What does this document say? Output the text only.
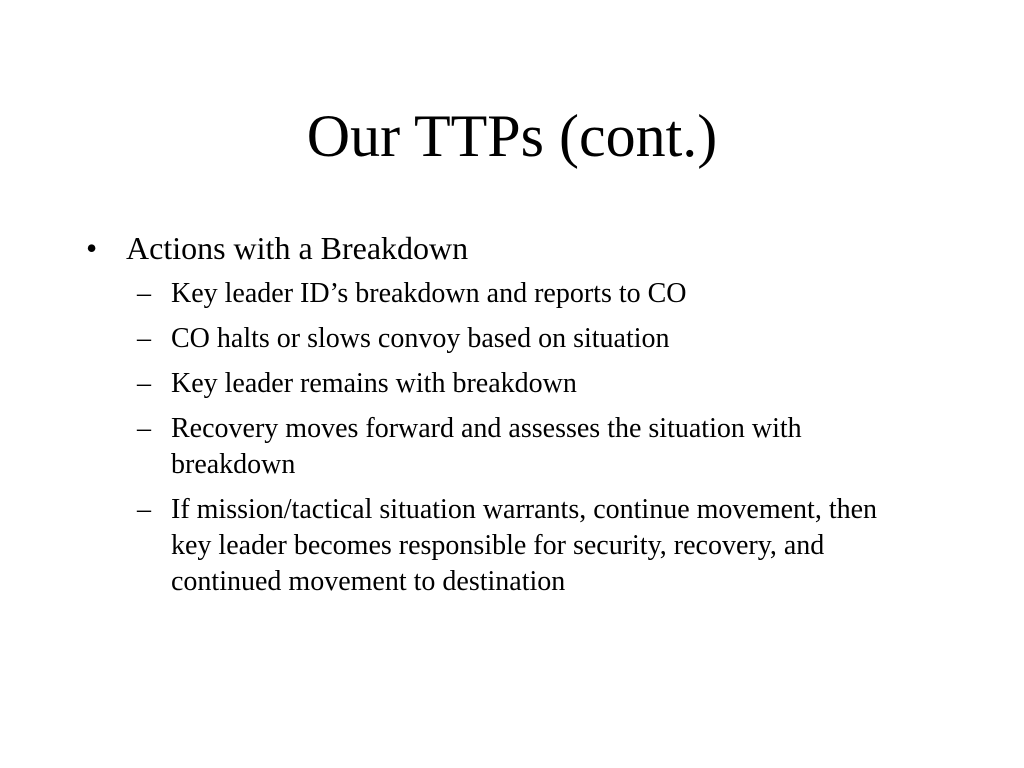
Our TTPs (cont.)
• Actions with a Breakdown
– Key leader ID’s breakdown and reports to CO
– CO halts or slows convoy based on situation
– Key leader remains with breakdown
– Recovery moves forward and assesses the situation with breakdown
– If mission/tactical situation warrants, continue movement, then key leader becomes responsible for security, recovery, and continued movement to destination
